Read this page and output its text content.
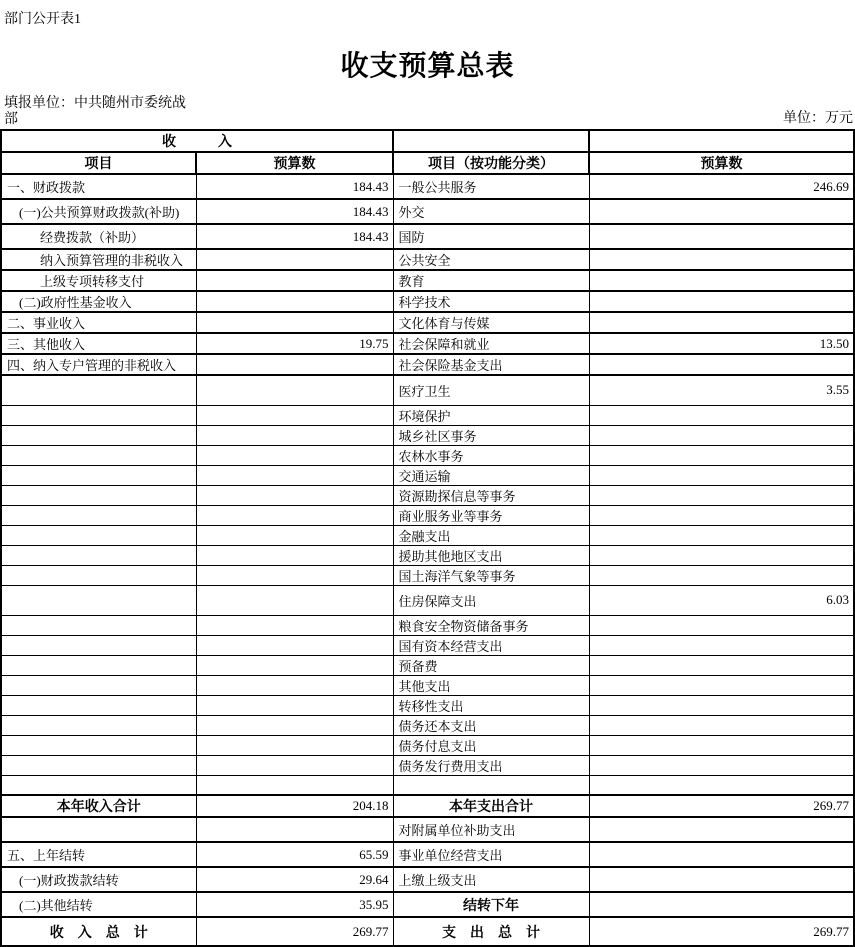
部门公开表1
收支预算总表
填报单位：中共随州市委统战部	单位：万元
收　　　入			
项目	预算数	项目（按功能分类）	预算数
一、财政拨款	184.43	一般公共服务	246.69
(一)公共预算财政拨款(补助)	184.43	外交	
经费拨款（补助）	184.43	国防	
纳入预算管理的非税收入		公共安全	
上级专项转移支付		教育	
(二)政府性基金收入		科学技术	
二、事业收入		文化体育与传媒	
三、其他收入	19.75	社会保障和就业	13.50
四、纳入专户管理的非税收入		社会保险基金支出	
		医疗卫生	3.55
		环境保护	
		城乡社区事务	
		农林水事务	
		交通运输	
		资源勘探信息等事务	
		商业服务业等事务	
		金融支出	
		援助其他地区支出	
		国土海洋气象等事务	
		住房保障支出	6.03
		粮食安全物资储备事务	
		国有资本经营支出	
		预备费	
		其他支出	
		转移性支出	
		债务还本支出	
		债务付息支出	
		债务发行费用支出	

本年收入合计	204.18	本年支出合计	269.77
		对附属单位补助支出	
五、上年结转	65.59	事业单位经营支出	
(一)财政拨款结转	29.64	上缴上级支出	
(二)其他结转	35.95	结转下年	
收　入　总　计	269.77	支　出　总　计	269.77
